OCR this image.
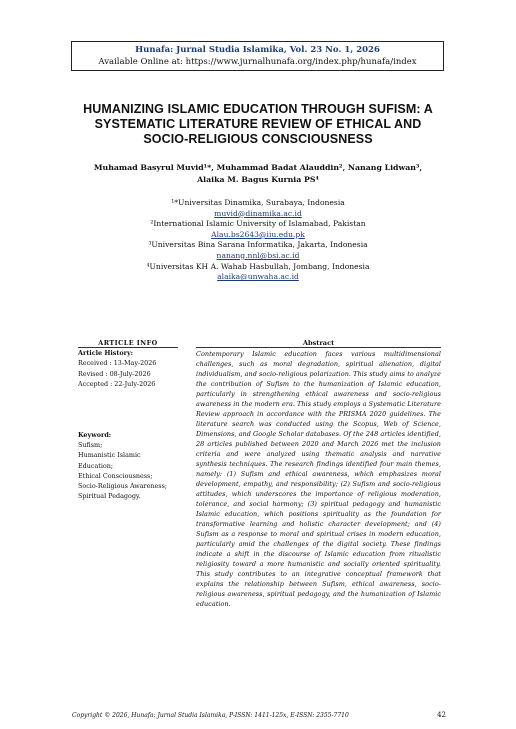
Hunafa: Jurnal Studia Islamika, Vol. 23 No. 1, 2026
Available Online at: https://www.jurnalhunafa.org/index.php/hunafa/index
HUMANIZING ISLAMIC EDUCATION THROUGH SUFISM: A SYSTEMATIC LITERATURE REVIEW OF ETHICAL AND SOCIO-RELIGIOUS CONSCIOUSNESS
Muhamad Basyrul Muvid¹*, Muhammad Badat Alauddin², Nanang Lidwan³,
Alaika M. Bagus Kurnia PS⁴
¹*Universitas Dinamika, Surabaya, Indonesia
muvid@dinamika.ac.id
²International Islamic University of Islamabad, Pakistan
Alau.bs2643@iiu.edu.pk
³Universitas Bina Sarana Informatika, Jakarta, Indonesia
nanang.nnl@bsi.ac.id
⁴Universitas KH A. Wahab Hasbullah, Jombang, Indonesia
alaika@unwaha.ac.id
ARTICLE INFO
Article History:
Received : 13-May-2026
Revised : 08-July-2026
Accepted : 22-July-2026
Keyword:
Sufism;
Humanistic Islamic
Education;
Ethical Consciousness;
Socio-Religious Awareness;
Spiritual Pedagogy.
Abstract
Contemporary Islamic education faces various multidimensional challenges, such as moral degradation, spiritual alienation, digital individualism, and socio-religious polarization. This study aims to analyze the contribution of Sufism to the humanization of Islamic education, particularly in strengthening ethical awareness and socio-religious awareness in the modern era. This study employs a Systematic Literature Review approach in accordance with the PRISMA 2020 guidelines. The literature search was conducted using the Scopus, Web of Science, Dimensions, and Google Scholar databases. Of the 248 articles identified, 28 articles published between 2020 and March 2026 met the inclusion criteria and were analyzed using thematic analysis and narrative synthesis techniques. The research findings identified four main themes, namely: (1) Sufism and ethical awareness, which emphasizes moral development, empathy, and responsibility; (2) Sufism and socio-religious attitudes, which underscores the importance of religious moderation, tolerance, and social harmony; (3) spiritual pedagogy and humanistic Islamic education, which positions spirituality as the foundation for transformative learning and holistic character development; and (4) Sufism as a response to moral and spiritual crises in modern education, particularly amid the challenges of the digital society. These findings indicate a shift in the discourse of Islamic education from ritualistic religiosity toward a more humanistic and socially oriented spirituality. This study contributes to an integrative conceptual framework that explains the relationship between Sufism, ethical awareness, socio-religious awareness, spiritual pedagogy, and the humanization of Islamic education.
Copyright © 2026, Hunafa: Jurnal Studia Islamika, P-ISSN: 1411-125x, E-ISSN: 2355-7710	42
